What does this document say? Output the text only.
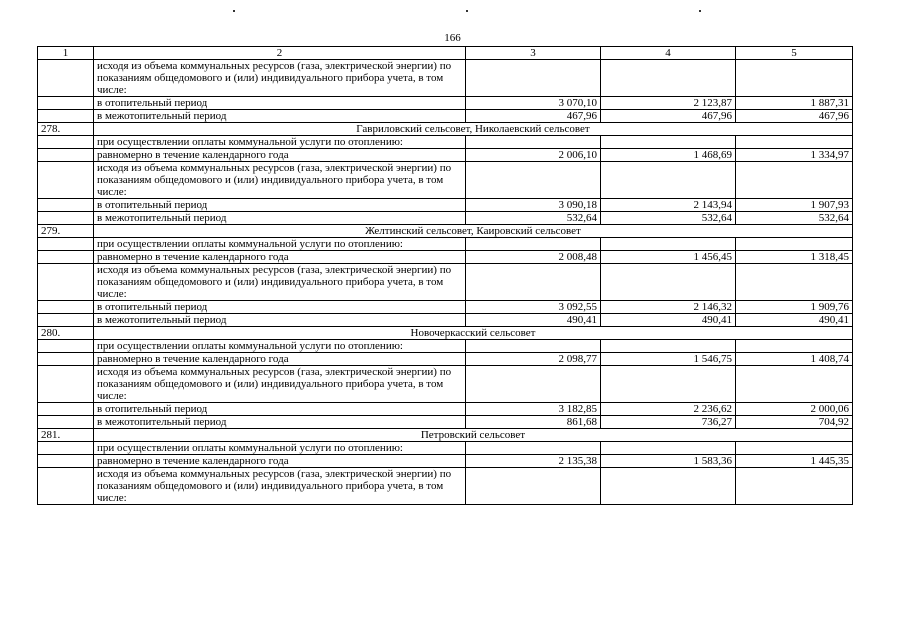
166
1	2	3	4	5
	исходя из объема коммунальных ресурсов (газа, электрической энергии) по показаниям общедомового и (или) индивидуального прибора учета, в том числе:			
	в отопительный период	3 070,10	2 123,87	1 887,31
	в межотопительный период	467,96	467,96	467,96
278.	Гавриловский сельсовет, Николаевский сельсовет			
	при осуществлении оплаты коммунальной услуги по отоплению:			
	равномерно в течение календарного года	2 006,10	1 468,69	1 334,97
	исходя из объема коммунальных ресурсов (газа, электрической энергии) по показаниям общедомового и (или) индивидуального прибора учета, в том числе:			
	в отопительный период	3 090,18	2 143,94	1 907,93
	в межотопительный период	532,64	532,64	532,64
279.	Желтинский сельсовет, Каировский сельсовет			
	при осуществлении оплаты коммунальной услуги по отоплению:			
	равномерно в течение календарного года	2 008,48	1 456,45	1 318,45
	исходя из объема коммунальных ресурсов (газа, электрической энергии) по показаниям общедомового и (или) индивидуального прибора учета, в том числе:			
	в отопительный период	3 092,55	2 146,32	1 909,76
	в межотопительный период	490,41	490,41	490,41
280.	Новочеркасский сельсовет			
	при осуществлении оплаты коммунальной услуги по отоплению:			
	равномерно в течение календарного года	2 098,77	1 546,75	1 408,74
	исходя из объема коммунальных ресурсов (газа, электрической энергии) по показаниям общедомового и (или) индивидуального прибора учета, в том числе:			
	в отопительный период	3 182,85	2 236,62	2 000,06
	в межотопительный период	861,68	736,27	704,92
281.	Петровский сельсовет			
	при осуществлении оплаты коммунальной услуги по отоплению:			
	равномерно в течение календарного года	2 135,38	1 583,36	1 445,35
	исходя из объема коммунальных ресурсов (газа, электрической энергии) по показаниям общедомового и (или) индивидуального прибора учета, в том числе:			
